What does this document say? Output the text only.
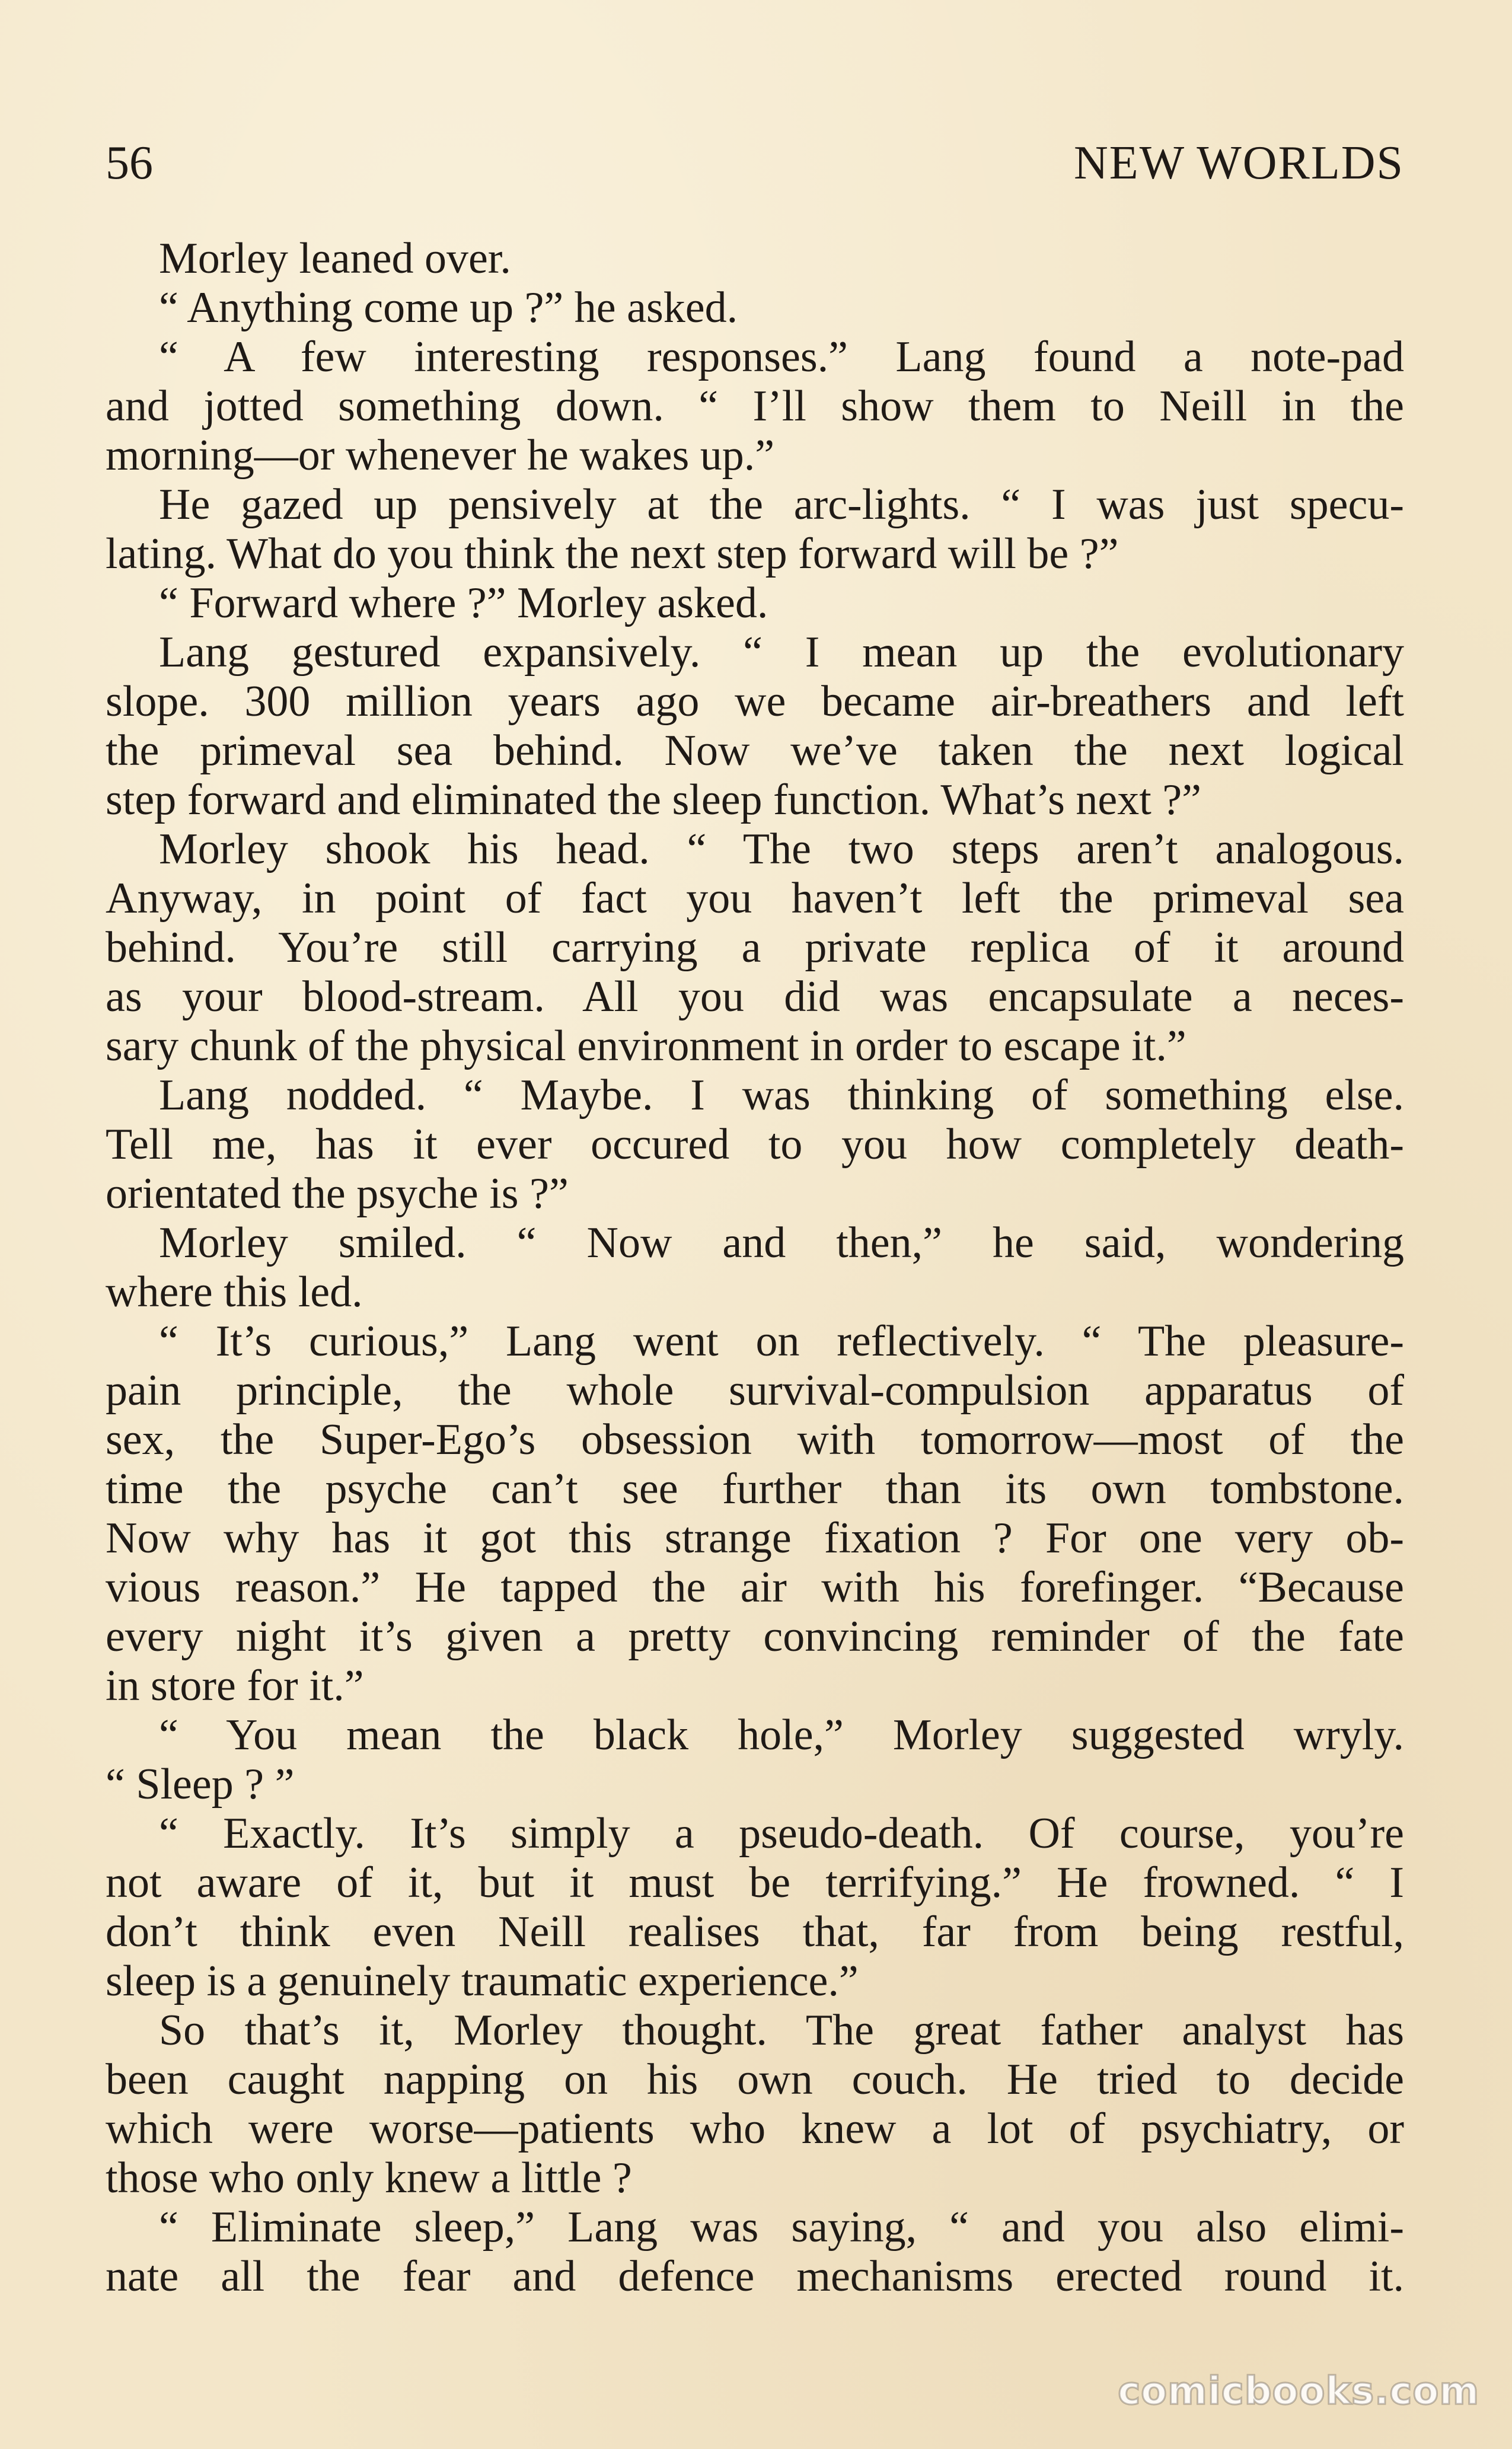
56	NEW WORLDS
Morley leaned over.
“ Anything come up ?” he asked.
“ A few interesting responses.” Lang found a note-pad
and jotted something down. “ I’ll show them to Neill in the
morning—or whenever he wakes up.”
He gazed up pensively at the arc-lights. “ I was just specu-
lating. What do you think the next step forward will be ?”
“ Forward where ?” Morley asked.
Lang gestured expansively. “ I mean up the evolutionary
slope. 300 million years ago we became air-breathers and left
the primeval sea behind. Now we’ve taken the next logical
step forward and eliminated the sleep function. What’s next ?”
Morley shook his head. “ The two steps aren’t analogous.
Anyway, in point of fact you haven’t left the primeval sea
behind. You’re still carrying a private replica of it around
as your blood-stream. All you did was encapsulate a neces-
sary chunk of the physical environment in order to escape it.”
Lang nodded. “ Maybe. I was thinking of something else.
Tell me, has it ever occured to you how completely death-
orientated the psyche is ?”
Morley smiled. “ Now and then,” he said, wondering
where this led.
“ It’s curious,” Lang went on reflectively. “ The pleasure-
pain principle, the whole survival-compulsion apparatus of
sex, the Super-Ego’s obsession with tomorrow—most of the
time the psyche can’t see further than its own tombstone.
Now why has it got this strange fixation ? For one very ob-
vious reason.” He tapped the air with his forefinger. “Because
every night it’s given a pretty convincing reminder of the fate
in store for it.”
“ You mean the black hole,” Morley suggested wryly.
“ Sleep ? ”
“ Exactly. It’s simply a pseudo-death. Of course, you’re
not aware of it, but it must be terrifying.” He frowned. “ I
don’t think even Neill realises that, far from being restful,
sleep is a genuinely traumatic experience.”
So that’s it, Morley thought. The great father analyst has
been caught napping on his own couch. He tried to decide
which were worse—patients who knew a lot of psychiatry, or
those who only knew a little ?
“ Eliminate sleep,” Lang was saying, “ and you also elimi-
nate all the fear and defence mechanisms erected round it.
comicbooks.com
